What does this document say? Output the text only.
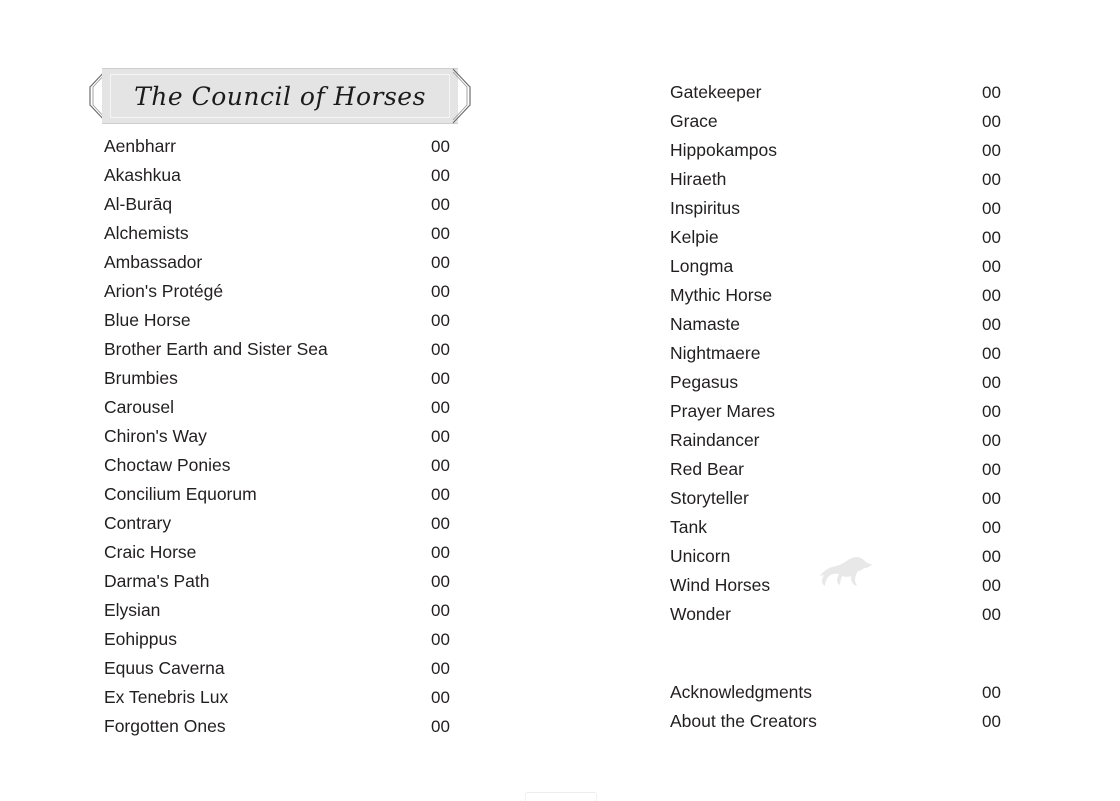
The Council of Horses
Aenbharr	00
Akashkua	00
Al-Burāq	00
Alchemists	00
Ambassador	00
Arion's Protégé	00
Blue Horse	00
Brother Earth and Sister Sea	00
Brumbies	00
Carousel	00
Chiron's Way	00
Choctaw Ponies	00
Concilium Equorum	00
Contrary	00
Craic Horse	00
Darma's Path	00
Elysian	00
Eohippus	00
Equus Caverna	00
Ex Tenebris Lux	00
Forgotten Ones	00
Gatekeeper	00
Grace	00
Hippokampos	00
Hiraeth	00
Inspiritus	00
Kelpie	00
Longma	00
Mythic Horse	00
Namaste	00
Nightmaere	00
Pegasus	00
Prayer Mares	00
Raindancer	00
Red Bear	00
Storyteller	00
Tank	00
Unicorn	00
Wind Horses	00
Wonder	00
Acknowledgments	00
About the Creators	00
